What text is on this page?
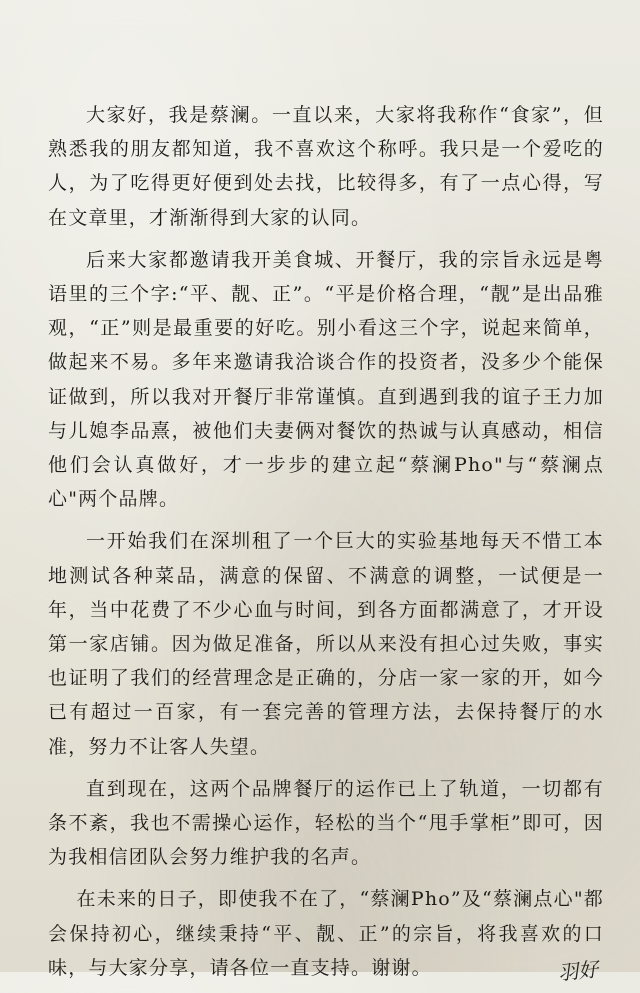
大家好，我是蔡澜。一直以来，大家将我称作“食家”，但熟悉我的朋友都知道，我不喜欢这个称呼。我只是一个爱吃的人，为了吃得更好便到处去找，比较得多，有了一点心得，写在文章里，才渐渐得到大家的认同。

后来大家都邀请我开美食城、开餐厅，我的宗旨永远是粤语里的三个字:“平、靓、正”。“平是价格合理，“靓”是出品雅观，“正”则是最重要的好吃。别小看这三个字，说起来简单，做起来不易。多年来邀请我洽谈合作的投资者，没多少个能保证做到，所以我对开餐厅非常谨慎。直到遇到我的谊子王力加与儿媳李品熹，被他们夫妻俩对餐饮的热诚与认真感动，相信他们会认真做好，才一步步的建立起“蔡澜Pho"与“蔡澜点心"两个品牌。

一开始我们在深圳租了一个巨大的实验基地每天不惜工本地测试各种菜品，满意的保留、不满意的调整，一试便是一年，当中花费了不少心血与时间，到各方面都满意了，才开设第一家店铺。因为做足准备，所以从来没有担心过失败，事实也证明了我们的经营理念是正确的，分店一家一家的开，如今已有超过一百家，有一套完善的管理方法，去保持餐厅的水准，努力不让客人失望。

直到现在，这两个品牌餐厅的运作已上了轨道，一切都有条不紊，我也不需操心运作，轻松的当个“甩手掌柜”即可，因为我相信团队会努力维护我的名声。

在未来的日子，即使我不在了，“蔡澜Pho”及“蔡澜点心"都会保持初心，继续秉持“平、靓、正”的宗旨，将我喜欢的口味，与大家分享，请各位一直支持。谢谢。	羽好
